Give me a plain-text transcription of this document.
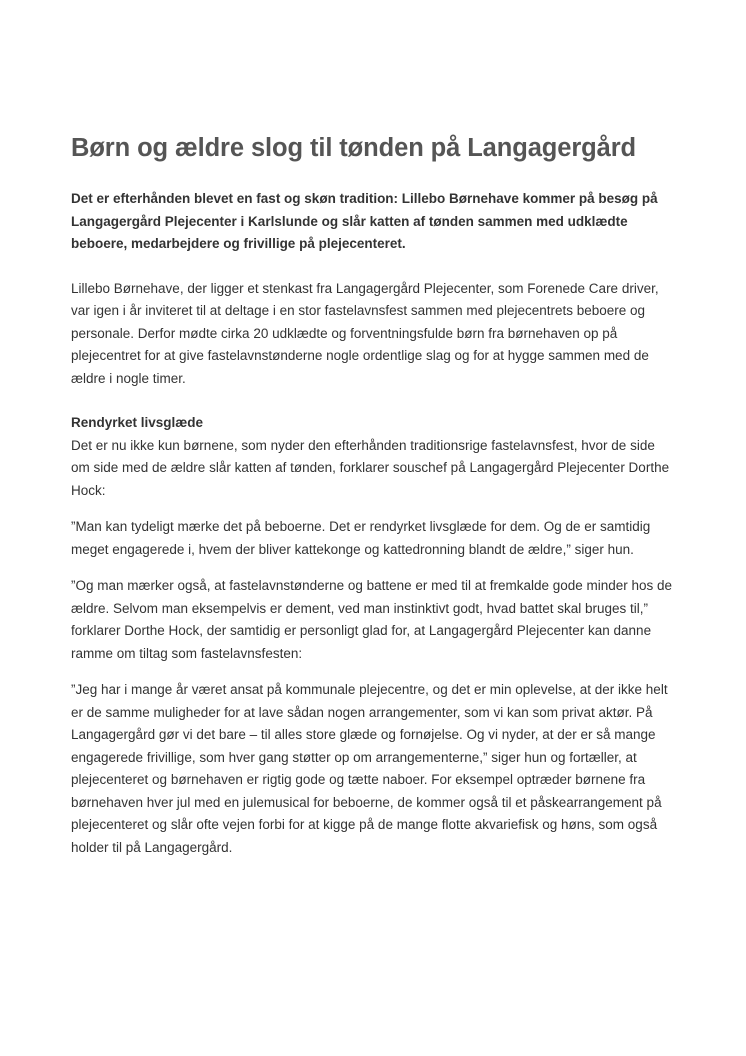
Børn og ældre slog til tønden på Langagergård

Det er efterhånden blevet en fast og skøn tradition: Lillebo Børnehave kommer på besøg på Langagergård Plejecenter i Karlslunde og slår katten af tønden sammen med udklædte beboere, medarbejdere og frivillige på plejecenteret.

Lillebo Børnehave, der ligger et stenkast fra Langagergård Plejecenter, som Forenede Care driver, var igen i år inviteret til at deltage i en stor fastelavnsfest sammen med plejecentrets beboere og personale. Derfor mødte cirka 20 udklædte og forventningsfulde børn fra børnehaven op på plejecentret for at give fastelavnstønderne nogle ordentlige slag og for at hygge sammen med de ældre i nogle timer.

Rendyrket livsglæde
Det er nu ikke kun børnene, som nyder den efterhånden traditionsrige fastelavnsfest, hvor de side om side med de ældre slår katten af tønden, forklarer souschef på Langagergård Plejecenter Dorthe Hock:

”Man kan tydeligt mærke det på beboerne. Det er rendyrket livsglæde for dem. Og de er samtidig meget engagerede i, hvem der bliver kattekonge og kattedronning blandt de ældre,” siger hun.

”Og man mærker også, at fastelavnstønderne og battene er med til at fremkalde gode minder hos de ældre. Selvom man eksempelvis er dement, ved man instinktivt godt, hvad battet skal bruges til,” forklarer Dorthe Hock, der samtidig er personligt glad for, at Langagergård Plejecenter kan danne ramme om tiltag som fastelavnsfesten:

”Jeg har i mange år været ansat på kommunale plejecentre, og det er min oplevelse, at der ikke helt er de samme muligheder for at lave sådan nogen arrangementer, som vi kan som privat aktør. På Langagergård gør vi det bare – til alles store glæde og fornøjelse. Og vi nyder, at der er så mange engagerede frivillige, som hver gang støtter op om arrangementerne,” siger hun og fortæller, at plejecenteret og børnehaven er rigtig gode og tætte naboer. For eksempel optræder børnene fra børnehaven hver jul med en julemusical for beboerne, de kommer også til et påskearrangement på plejecenteret og slår ofte vejen forbi for at kigge på de mange flotte akvariefisk og høns, som også holder til på Langagergård.
